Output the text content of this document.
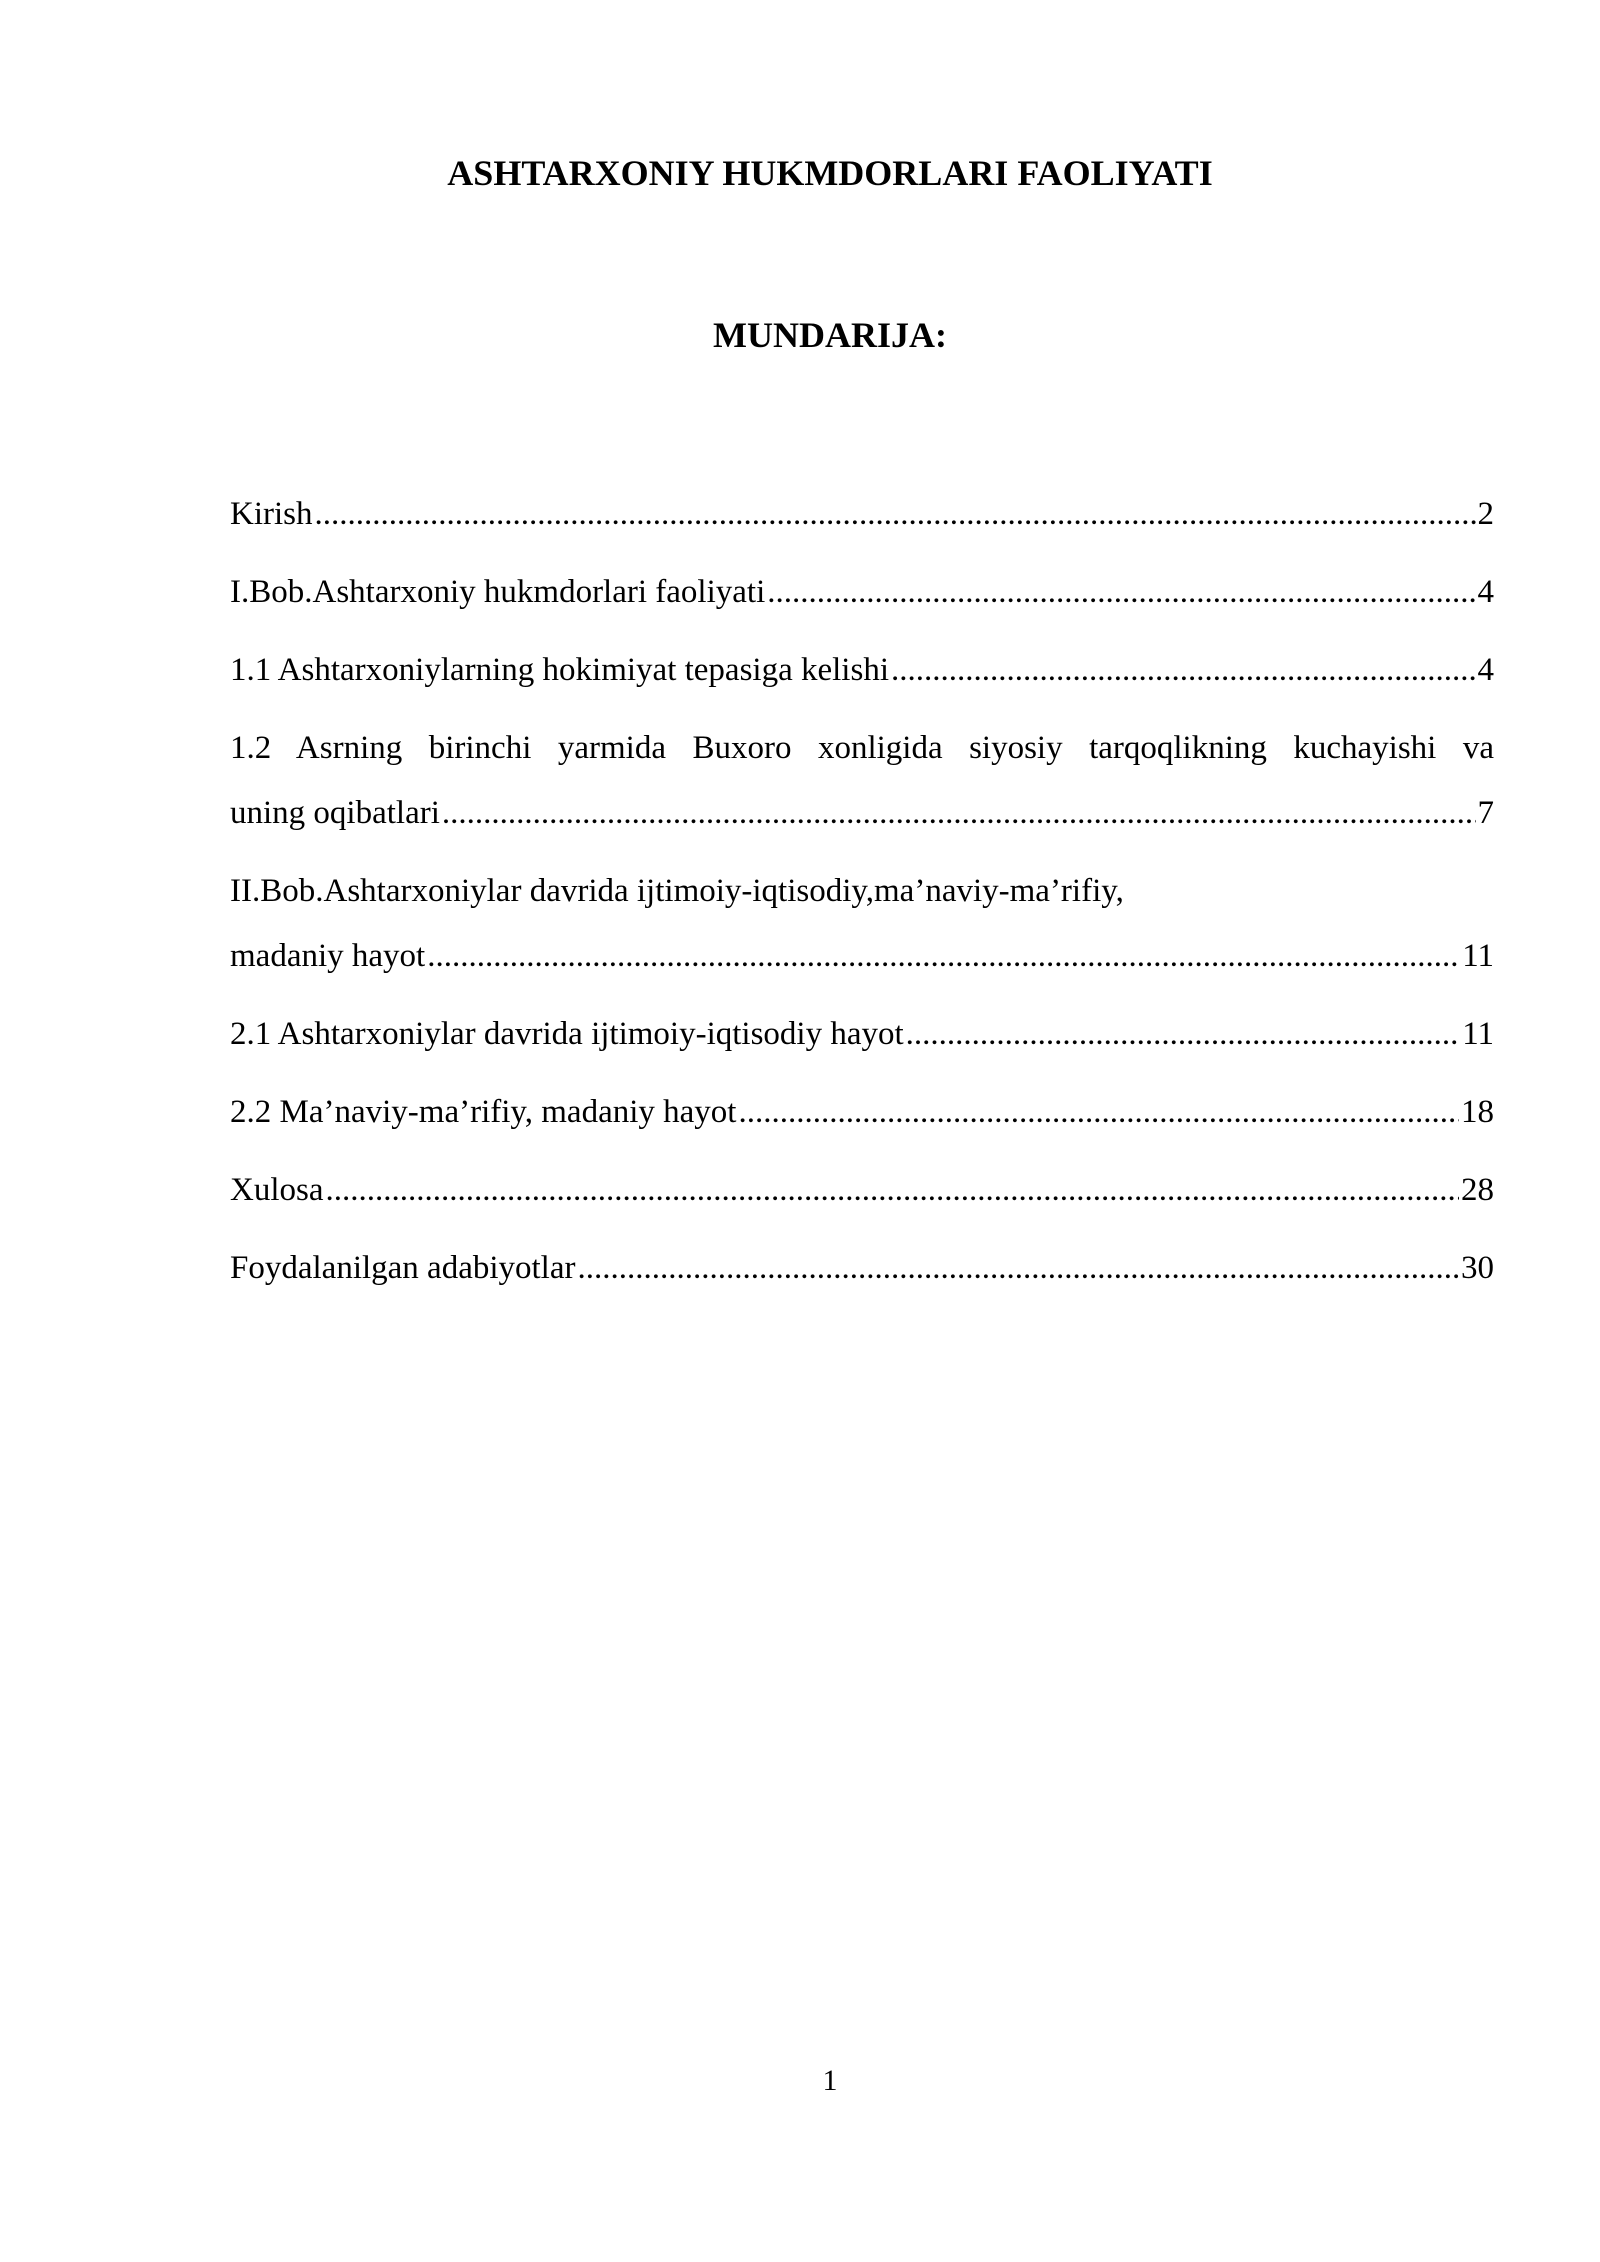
ASHTARXONIY HUKMDORLARI FAOLIYATI
MUNDARIJA:
Kirish .....	2
I.Bob.Ashtarxoniy hukmdorlari faoliyati .....	4
1.1 Ashtarxoniylarning hokimiyat tepasiga kelishi .....	4
1.2 Asrning birinchi yarmida Buxoro xonligida siyosiy tarqoqlikning kuchayishi va
uning oqibatlari .....	7
II.Bob.Ashtarxoniylar davrida ijtimoiy-iqtisodiy,ma’naviy-ma’rifiy,
madaniy hayot .....	11
2.1 Ashtarxoniylar davrida ijtimoiy-iqtisodiy hayot .....	11
2.2 Ma’naviy-ma’rifiy, madaniy hayot .....	18
Xulosa .....	28
Foydalanilgan adabiyotlar .....	30
1
